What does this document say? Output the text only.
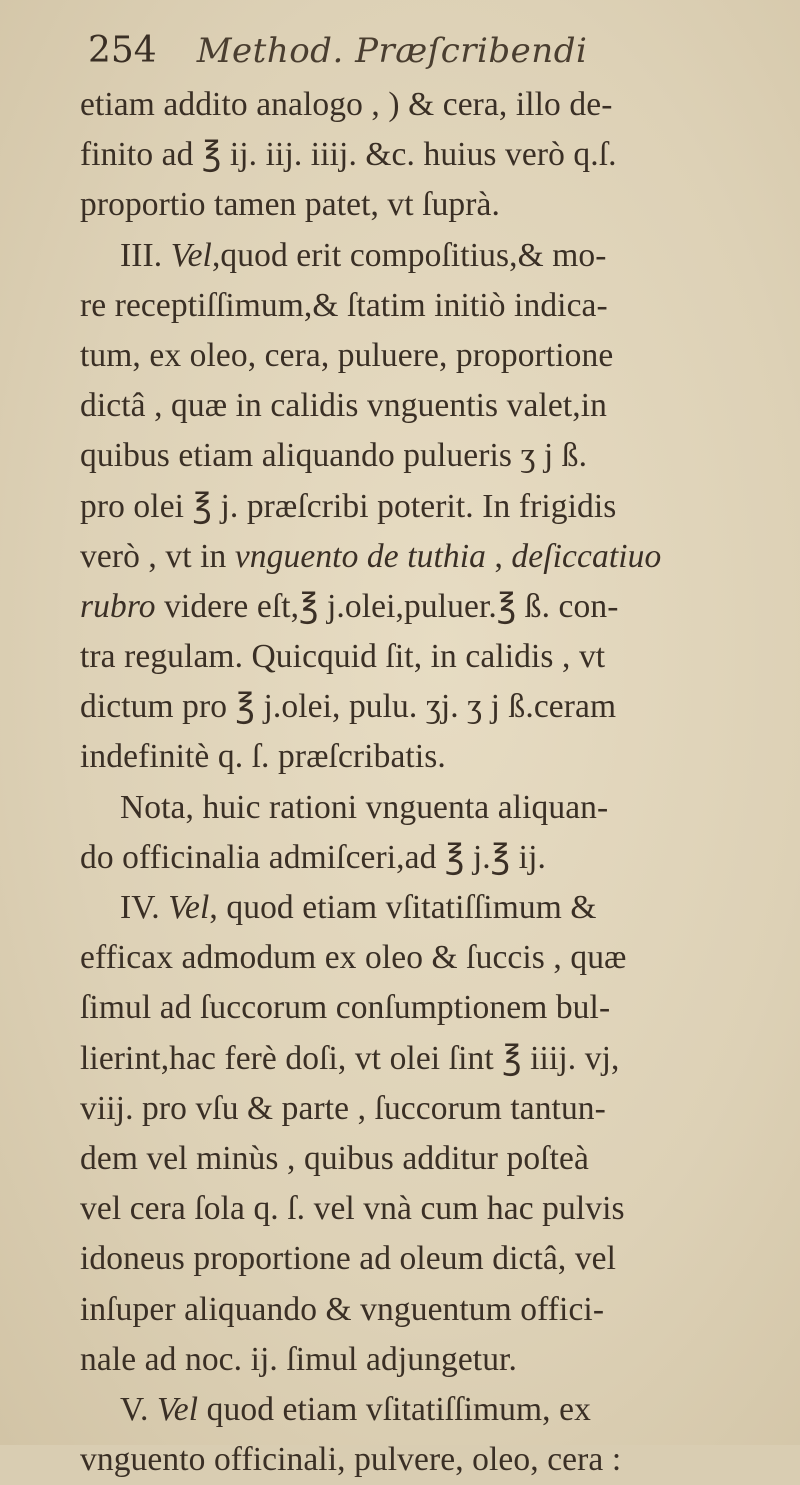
254 Method. Præſcribendi
etiam addito analogo , ) & cera, illo de-
finito ad ℥ ij. iij. iiij. &c. huius verò q.ſ.
proportio tamen patet, vt ſuprà.
III. Vel,quod erit compoſitius,& mo-
re receptiſſimum,& ſtatim initiò indica-
tum, ex oleo, cera, puluere, proportione
dictâ , quæ in calidis vnguentis valet,in
quibus etiam aliquando pulueris ʒ j ß.
pro olei ℥ j. præſcribi poterit. In frigidis
verò , vt in vnguento de tuthia , deſiccatiuo
rubro videre eſt,℥ j.olei,puluer.℥ ß. con-
tra regulam. Quicquid ſit, in calidis , vt
dictum pro ℥ j.olei, pulu. ʒj. ʒ j ß.ceram
indefinitè q. ſ. præſcribatis.
Nota, huic rationi vnguenta aliquan-
do officinalia admiſceri,ad ℥ j.℥ ij.
IV. Vel, quod etiam vſitatiſſimum &
efficax admodum ex oleo & ſuccis , quæ
ſimul ad ſuccorum conſumptionem bul-
lierint,hac ferè doſi, vt olei ſint ℥ iiij. vj,
viij. pro vſu & parte , ſuccorum tantun-
dem vel minùs , quibus additur poſteà
vel cera ſola q. ſ. vel vnà cum hac pulvis
idoneus proportione ad oleum dictâ, vel
inſuper aliquando & vnguentum offici-
nale ad noc. ij. ſimul adjungetur.
V. Vel quod etiam vſitatiſſimum, ex
vnguento officinali, pulvere, oleo, cera :
